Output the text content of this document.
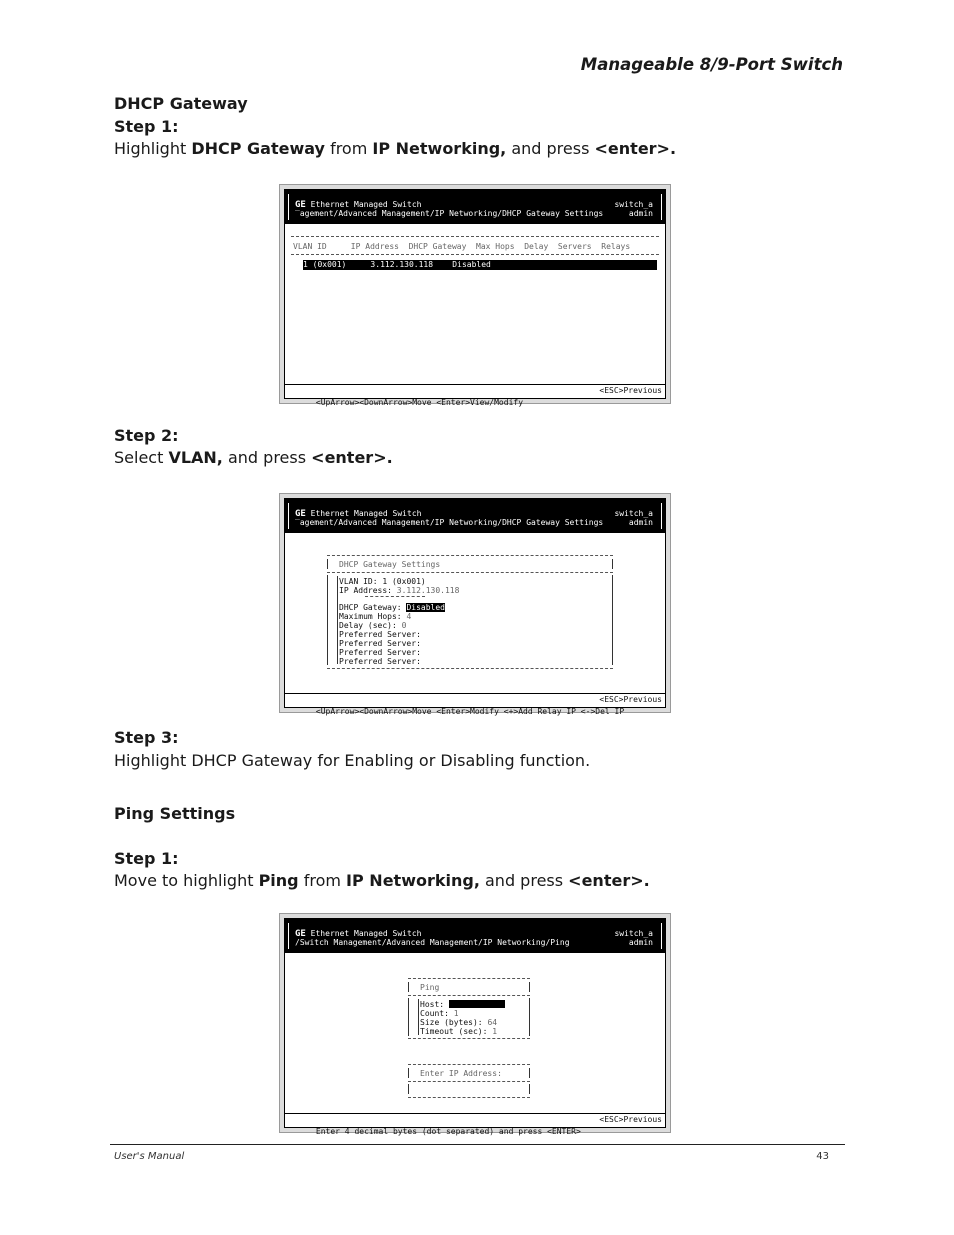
Manageable 8/9-Port Switch
DHCP Gateway
Step 1:
Highlight DHCP Gateway from IP Networking, and press <enter>.
GE Ethernet Managed Switch
‾agement/Advanced Management/IP Networking/DHCP Gateway Settings
switch_a
admin
VLAN ID     IP Address  DHCP Gateway  Max Hops  Delay  Servers  Relays
1 (0x001)     3.112.130.118    Disabled

<UpArrow><DownArrow>Move <Enter>View/Modify

<ESC>Previous

Step 2:
Select VLAN, and press <enter>.
GE Ethernet Managed Switch
‾agement/Advanced Management/IP Networking/DHCP Gateway Settings
switch_a
admin
DHCP Gateway Settings
VLAN ID: 1 (0x001)
IP Address: 3.112.130.118
DHCP Gateway: Disabled
Maximum Hops: 4
Delay (sec): 0
Preferred Server:
Preferred Server:
Preferred Server:
Preferred Server:

<UpArrow><DownArrow>Move <Enter>Modify <+>Add Relay IP <->Del IP

<ESC>Previous

Step 3:
Highlight DHCP Gateway for Enabling or Disabling function.
Ping Settings
Step 1:
Move to highlight Ping from IP Networking, and press <enter>.
GE Ethernet Managed Switch
/Switch Management/Advanced Management/IP Networking/Ping
switch_a
admin
Ping
Host:
Count: 1
Size (bytes): 64
Timeout (sec): 1
Enter IP Address:

Enter 4 decimal bytes (dot separated) and press <ENTER>

<ESC>Previous

User's Manual	43
